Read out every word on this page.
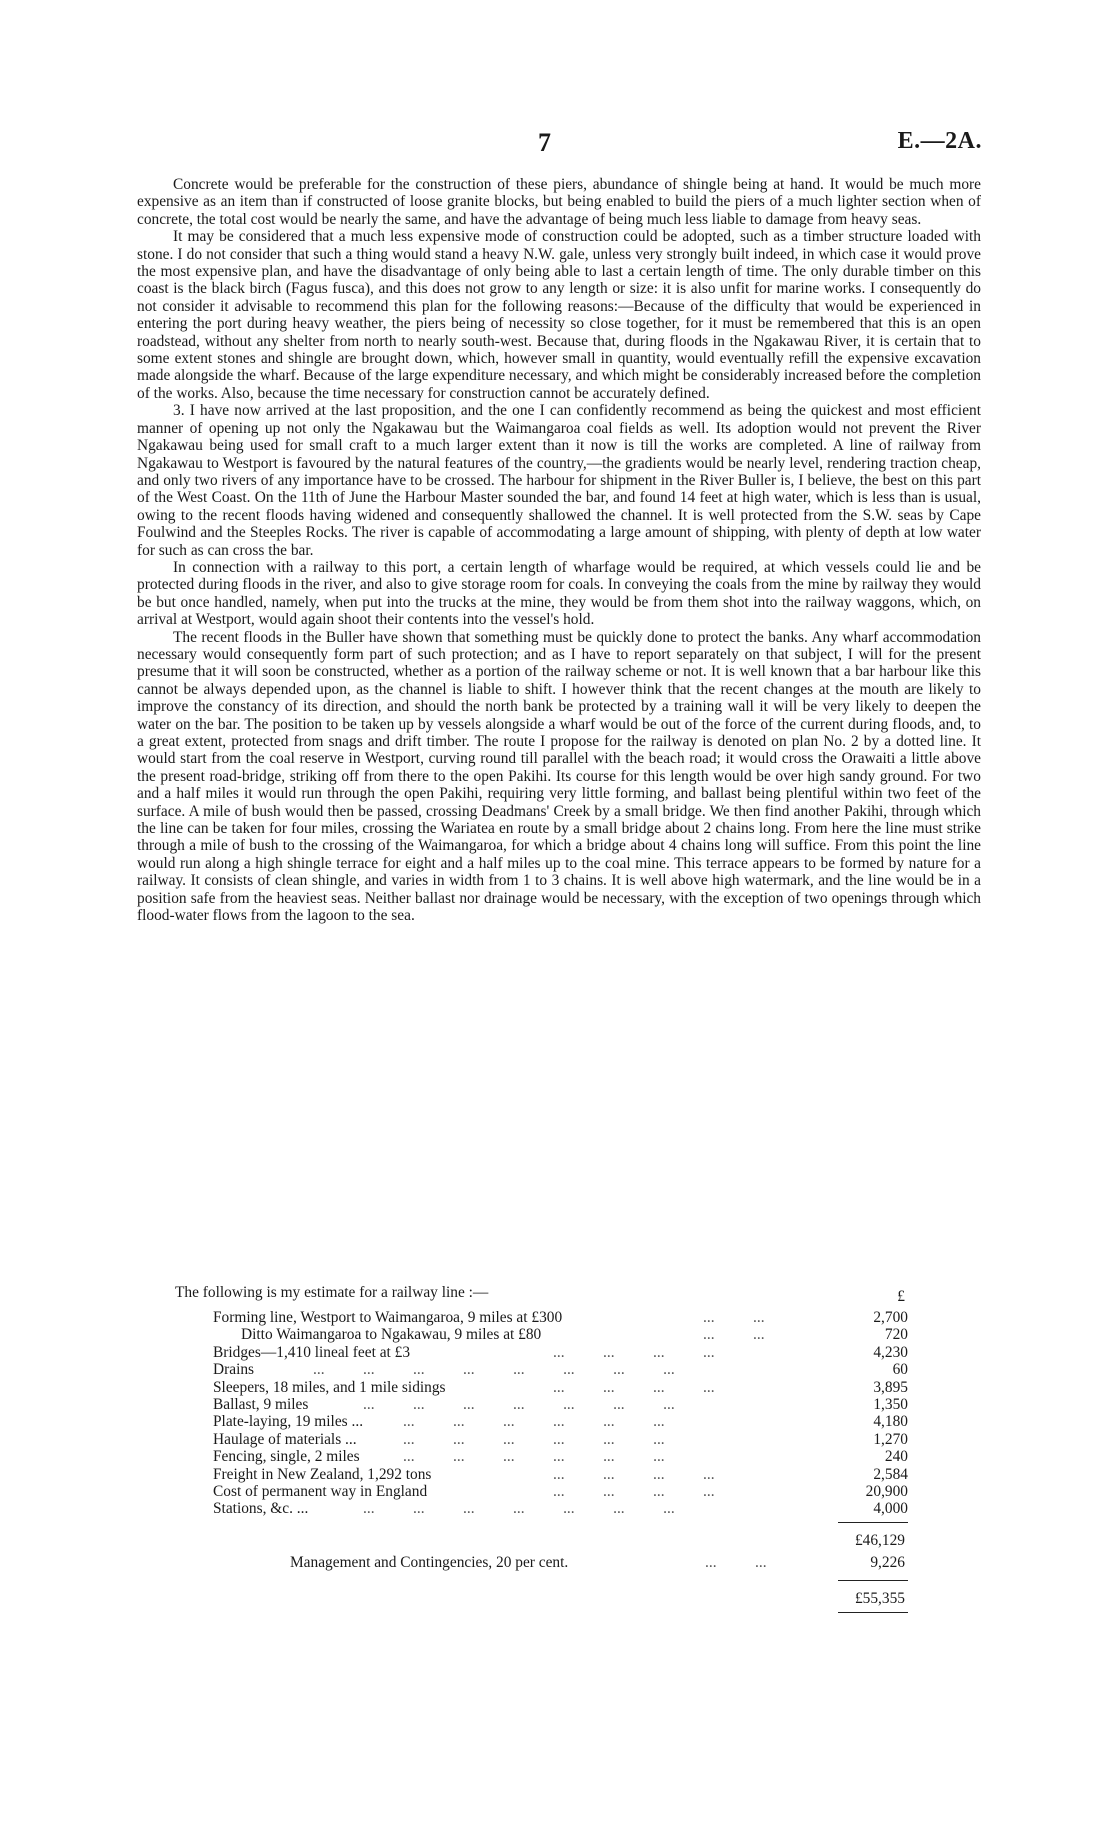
7	E.—2A.

Concrete would be preferable for the construction of these piers, abundance of shingle being at hand. It would be much more expensive as an item than if constructed of loose granite blocks, but being enabled to build the piers of a much lighter section when of concrete, the total cost would be nearly the same, and have the advantage of being much less liable to damage from heavy seas.

It may be considered that a much less expensive mode of construction could be adopted, such as a timber structure loaded with stone. I do not consider that such a thing would stand a heavy N.W. gale, unless very strongly built indeed, in which case it would prove the most expensive plan, and have the disadvantage of only being able to last a certain length of time. The only durable timber on this coast is the black birch (Fagus fusca), and this does not grow to any length or size: it is also unfit for marine works. I consequently do not consider it advisable to recommend this plan for the following reasons:—Because of the difficulty that would be experienced in entering the port during heavy weather, the piers being of necessity so close together, for it must be remembered that this is an open roadstead, without any shelter from north to nearly south-west. Because that, during floods in the Ngakawau River, it is certain that to some extent stones and shingle are brought down, which, however small in quantity, would eventually refill the expensive excavation made alongside the wharf. Because of the large expenditure necessary, and which might be considerably increased before the completion of the works. Also, because the time necessary for construction cannot be accurately defined.

3. I have now arrived at the last proposition, and the one I can confidently recommend as being the quickest and most efficient manner of opening up not only the Ngakawau but the Waimangaroa coal fields as well. Its adoption would not prevent the River Ngakawau being used for small craft to a much larger extent than it now is till the works are completed. A line of railway from Ngakawau to Westport is favoured by the natural features of the country,—the gradients would be nearly level, rendering traction cheap, and only two rivers of any importance have to be crossed. The harbour for shipment in the River Buller is, I believe, the best on this part of the West Coast. On the 11th of June the Harbour Master sounded the bar, and found 14 feet at high water, which is less than is usual, owing to the recent floods having widened and consequently shallowed the channel. It is well protected from the S.W. seas by Cape Foulwind and the Steeples Rocks. The river is capable of accommodating a large amount of shipping, with plenty of depth at low water for such as can cross the bar.

In connection with a railway to this port, a certain length of wharfage would be required, at which vessels could lie and be protected during floods in the river, and also to give storage room for coals. In conveying the coals from the mine by railway they would be but once handled, namely, when put into the trucks at the mine, they would be from them shot into the railway waggons, which, on arrival at Westport, would again shoot their contents into the vessel's hold.

The recent floods in the Buller have shown that something must be quickly done to protect the banks. Any wharf accommodation necessary would consequently form part of such protection; and as I have to report separately on that subject, I will for the present presume that it will soon be constructed, whether as a portion of the railway scheme or not. It is well known that a bar harbour like this cannot be always depended upon, as the channel is liable to shift. I however think that the recent changes at the mouth are likely to improve the constancy of its direction, and should the north bank be protected by a training wall it will be very likely to deepen the water on the bar. The position to be taken up by vessels alongside a wharf would be out of the force of the current during floods, and, to a great extent, protected from snags and drift timber. The route I propose for the railway is denoted on plan No. 2 by a dotted line. It would start from the coal reserve in Westport, curving round till parallel with the beach road; it would cross the Orawaiti a little above the present road-bridge, striking off from there to the open Pakihi. Its course for this length would be over high sandy ground. For two and a half miles it would run through the open Pakihi, requiring very little forming, and ballast being plentiful within two feet of the surface. A mile of bush would then be passed, crossing Deadmans' Creek by a small bridge. We then find another Pakihi, through which the line can be taken for four miles, crossing the Wariatea en route by a small bridge about 2 chains long. From here the line must strike through a mile of bush to the crossing of the Waimangaroa, for which a bridge about 4 chains long will suffice. From this point the line would run along a high shingle terrace for eight and a half miles up to the coal mine. This terrace appears to be formed by nature for a railway. It consists of clean shingle, and varies in width from 1 to 3 chains. It is well above high watermark, and the line would be in a position safe from the heaviest seas. Neither ballast nor drainage would be necessary, with the exception of two openings through which flood-water flows from the lagoon to the sea.

The following is my estimate for a railway line :—	£
Forming line, Westport to Waimangaroa, 9 miles at £300	...          ...	2,700
Ditto Waimangaroa to Ngakawau, 9 miles at £80	...          ...	720
Bridges—1,410 lineal feet at £3	...          ...          ...          ...	4,230
Drains	...          ...          ...          ...          ...          ...          ...          ...	60
Sleepers, 18 miles, and 1 mile sidings	...          ...          ...          ...	3,895
Ballast, 9 miles	...          ...          ...          ...          ...          ...          ...	1,350
Plate-laying, 19 miles ...	...          ...          ...          ...          ...          ...	4,180
Haulage of materials ...	...          ...          ...          ...          ...          ...	1,270
Fencing, single, 2 miles	...          ...          ...          ...          ...          ...	240
Freight in New Zealand, 1,292 tons	...          ...          ...          ...	2,584
Cost of permanent way in England	...          ...          ...          ...	20,900
Stations, &c. ...	...          ...          ...          ...          ...          ...          ...	4,000
£46,129
Management and Contingencies, 20 per cent.	...          ...	9,226
£55,355
